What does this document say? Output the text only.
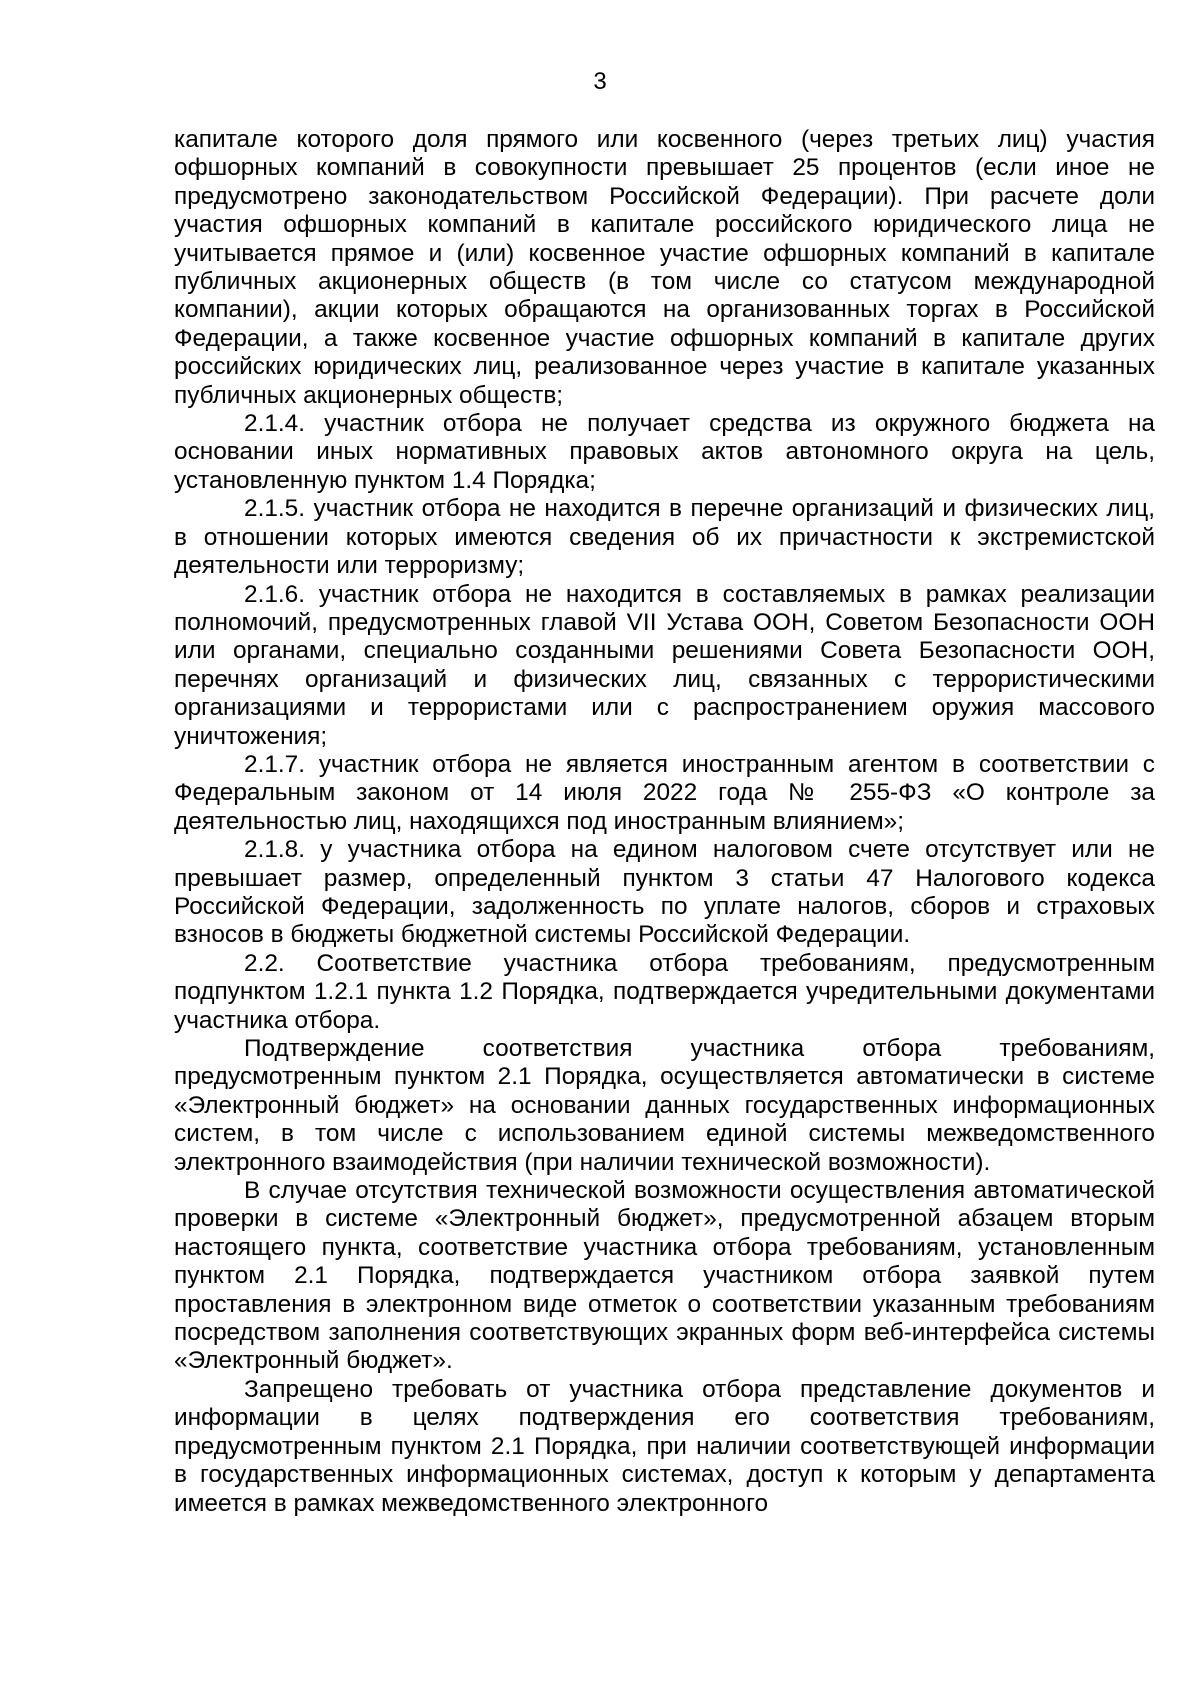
3

капитале которого доля прямого или косвенного (через третьих лиц) участия офшорных компаний в совокупности превышает 25 процентов (если иное не предусмотрено законодательством Российской Федерации). При расчете доли участия офшорных компаний в капитале российского юридического лица не учитывается прямое и (или) косвенное участие офшорных компаний в капитале публичных акционерных обществ (в том числе со статусом международной компании), акции которых обращаются на организованных торгах в Российской Федерации, а также косвенное участие офшорных компаний в капитале других российских юридических лиц, реализованное через участие в капитале указанных публичных акционерных обществ;

2.1.4. участник отбора не получает средства из окружного бюджета на основании иных нормативных правовых актов автономного округа на цель, установленную пунктом 1.4 Порядка;

2.1.5. участник отбора не находится в перечне организаций и физических лиц, в отношении которых имеются сведения об их причастности к экстремистской деятельности или терроризму;

2.1.6. участник отбора не находится в составляемых в рамках реализации полномочий, предусмотренных главой VII Устава ООН, Советом Безопасности ООН или органами, специально созданными решениями Совета Безопасности ООН, перечнях организаций и физических лиц, связанных с террористическими организациями и террористами или с распространением оружия массового уничтожения;

2.1.7. участник отбора не является иностранным агентом в соответствии с Федеральным законом от 14 июля 2022 года № 255-ФЗ «О контроле за деятельностью лиц, находящихся под иностранным влиянием»;

2.1.8. у участника отбора на едином налоговом счете отсутствует или не превышает размер, определенный пунктом 3 статьи 47 Налогового кодекса Российской Федерации, задолженность по уплате налогов, сборов и страховых взносов в бюджеты бюджетной системы Российской Федерации.

2.2. Соответствие участника отбора требованиям, предусмотренным подпунктом 1.2.1 пункта 1.2 Порядка, подтверждается учредительными документами участника отбора.

Подтверждение соответствия участника отбора требованиям, предусмотренным пунктом 2.1 Порядка, осуществляется автоматически в системе «Электронный бюджет» на основании данных государственных информационных систем, в том числе с использованием единой системы межведомственного электронного взаимодействия (при наличии технической возможности).

В случае отсутствия технической возможности осуществления автоматической проверки в системе «Электронный бюджет», предусмотренной абзацем вторым настоящего пункта, соответствие участника отбора требованиям, установленным пунктом 2.1 Порядка, подтверждается участником отбора заявкой путем проставления в электронном виде отметок о соответствии указанным требованиям посредством заполнения соответствующих экранных форм веб-интерфейса системы «Электронный бюджет».

Запрещено требовать от участника отбора представление документов и информации в целях подтверждения его соответствия требованиям, предусмотренным пунктом 2.1 Порядка, при наличии соответствующей информации в государственных информационных системах, доступ к которым у департамента имеется в рамках межведомственного электронного
